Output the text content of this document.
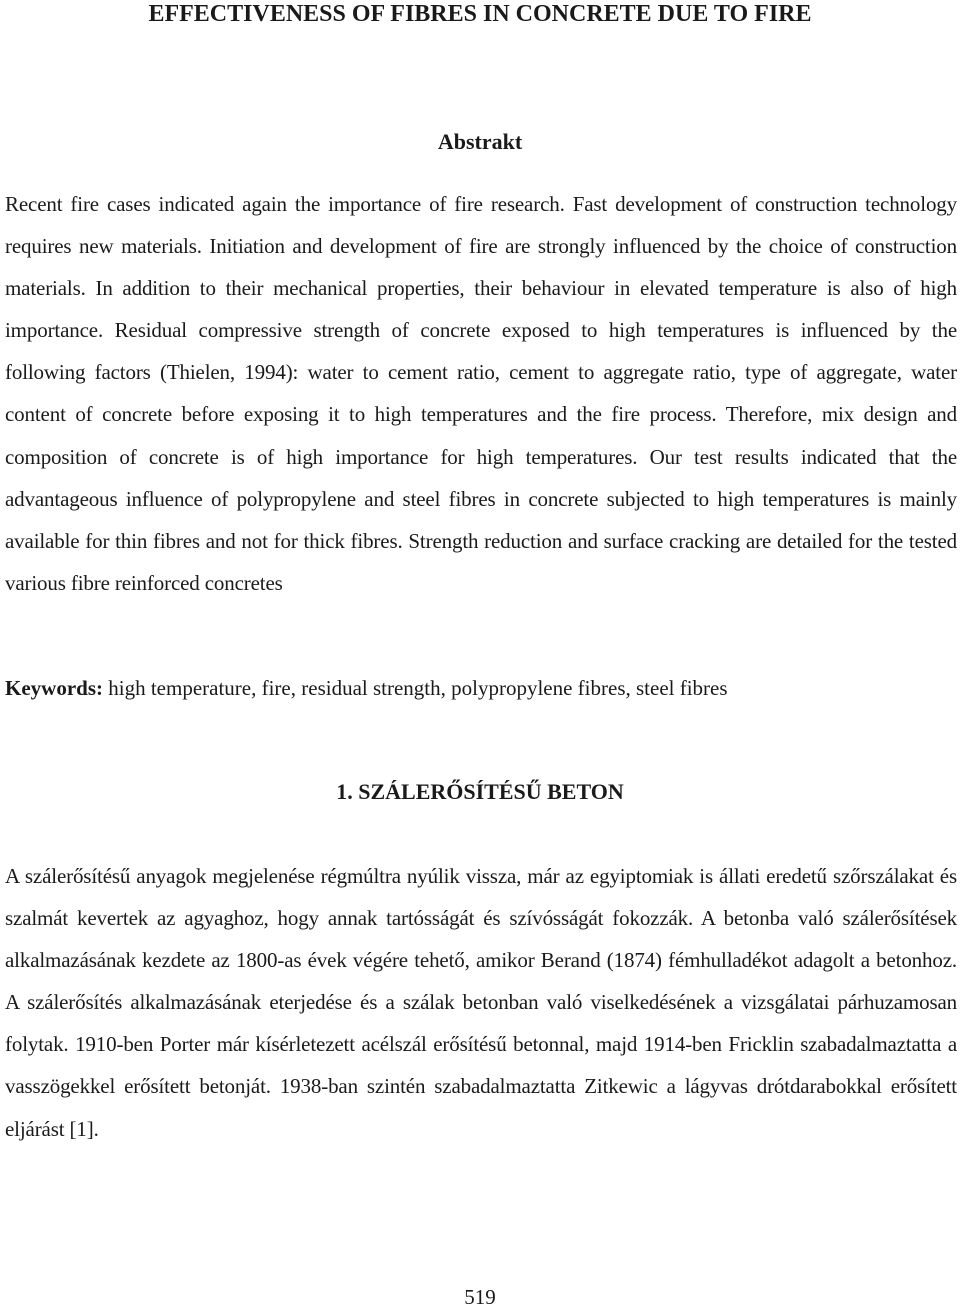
EFFECTIVENESS OF FIBRES IN CONCRETE DUE TO FIRE
Abstrakt

Recent fire cases indicated again the importance of fire research. Fast development of construction technology requires new materials. Initiation and development of fire are strongly influenced by the choice of construction materials. In addition to their mechanical properties, their behaviour in elevated temperature is also of high importance. Residual compressive strength of concrete exposed to high temperatures is influenced by the following factors (Thielen, 1994): water to cement ratio, cement to aggregate ratio, type of aggregate, water content of concrete before exposing it to high temperatures and the fire process. Therefore, mix design and composition of concrete is of high importance for high temperatures. Our test results indicated that the advantageous influence of polypropylene and steel fibres in concrete subjected to high temperatures is mainly available for thin fibres and not for thick fibres. Strength reduction and surface cracking are detailed for the tested various fibre reinforced concretes

Keywords: high temperature, fire, residual strength, polypropylene fibres, steel fibres

1. SZÁLERŐSÍTÉSŰ BETON

A szálerősítésű anyagok megjelenése régmúltra nyúlik vissza, már az egyiptomiak is állati eredetű szőrszálakat és szalmát kevertek az agyaghoz, hogy annak tartósságát és szívósságát fokozzák. A betonba való szálerősítések alkalmazásának kezdete az 1800-as évek végére tehető, amikor Berand (1874) fémhulladékot adagolt a betonhoz. A szálerősítés alkalmazásának eterjedése és a szálak betonban való viselkedésének a vizsgálatai párhuzamosan folytak. 1910-ben Porter már kísérletezett acélszál erősítésű betonnal, majd 1914-ben Fricklin szabadalmaztatta a vasszögekkel erősített betonját. 1938-ban szintén szabadalmaztatta Zitkewic a lágyvas drótdarabokkal erősített eljárást [1].

519
